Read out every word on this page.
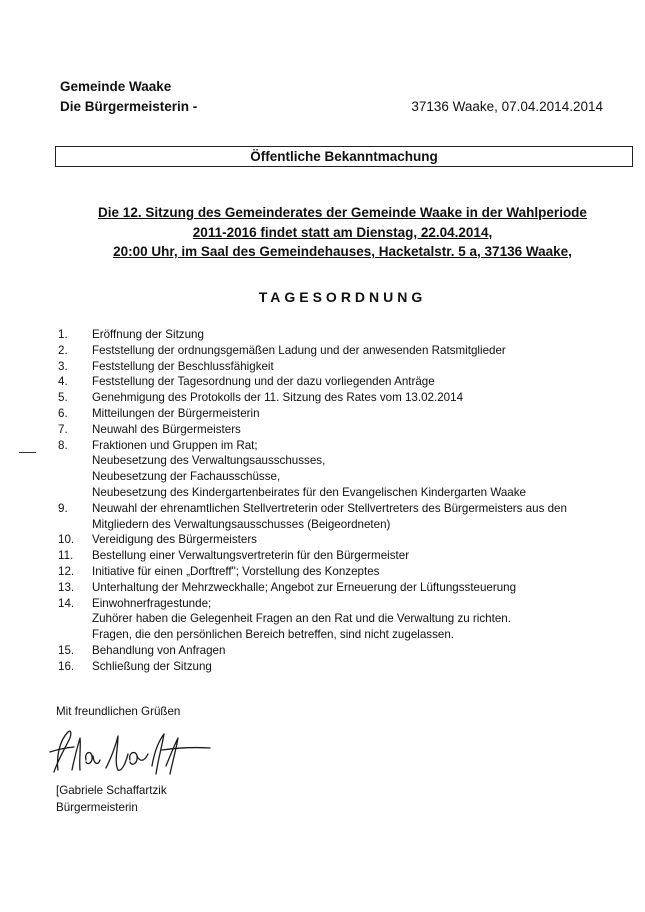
Gemeinde Waake
Die Bürgermeisterin -	37136 Waake, 07.04.2014.2014
Öffentliche Bekanntmachung
Die 12. Sitzung des Gemeinderates der Gemeinde Waake in der Wahlperiode
2011-2016 findet statt am Dienstag, 22.04.2014,
20:00 Uhr, im Saal des Gemeindehauses, Hacketalstr. 5 a, 37136 Waake,
TAGESORDNUNG
1.	Eröffnung der Sitzung
2.	Feststellung der ordnungsgemäßen Ladung und der anwesenden Ratsmitglieder
3.	Feststellung der Beschlussfähigkeit
4.	Feststellung der Tagesordnung und der dazu vorliegenden Anträge
5.	Genehmigung des Protokolls der 11. Sitzung des Rates vom 13.02.2014
6.	Mitteilungen der Bürgermeisterin
7.	Neuwahl des Bürgermeisters
8.	Fraktionen und Gruppen im Rat;
Neubesetzung des Verwaltungsausschusses,
Neubesetzung der Fachausschüsse,
Neubesetzung des Kindergartenbeirates für den Evangelischen Kindergarten Waake
9.	Neuwahl der ehrenamtlichen Stellvertreterin oder Stellvertreters des Bürgermeisters aus den
Mitgliedern des Verwaltungsausschusses (Beigeordneten)
10.	Vereidigung des Bürgermeisters
11.	Bestellung einer Verwaltungsvertreterin für den Bürgermeister
12.	Initiative für einen „Dorftreff"; Vorstellung des Konzeptes
13.	Unterhaltung der Mehrzweckhalle; Angebot zur Erneuerung der Lüftungssteuerung
14.	Einwohnerfragestunde;
Zuhörer haben die Gelegenheit Fragen an den Rat und die Verwaltung zu richten.
Fragen, die den persönlichen Bereich betreffen, sind nicht zugelassen.
15.	Behandlung von Anfragen
16.	Schließung der Sitzung
Mit freundlichen Grüßen
[Gabriele Schaffartzik
Bürgermeisterin
